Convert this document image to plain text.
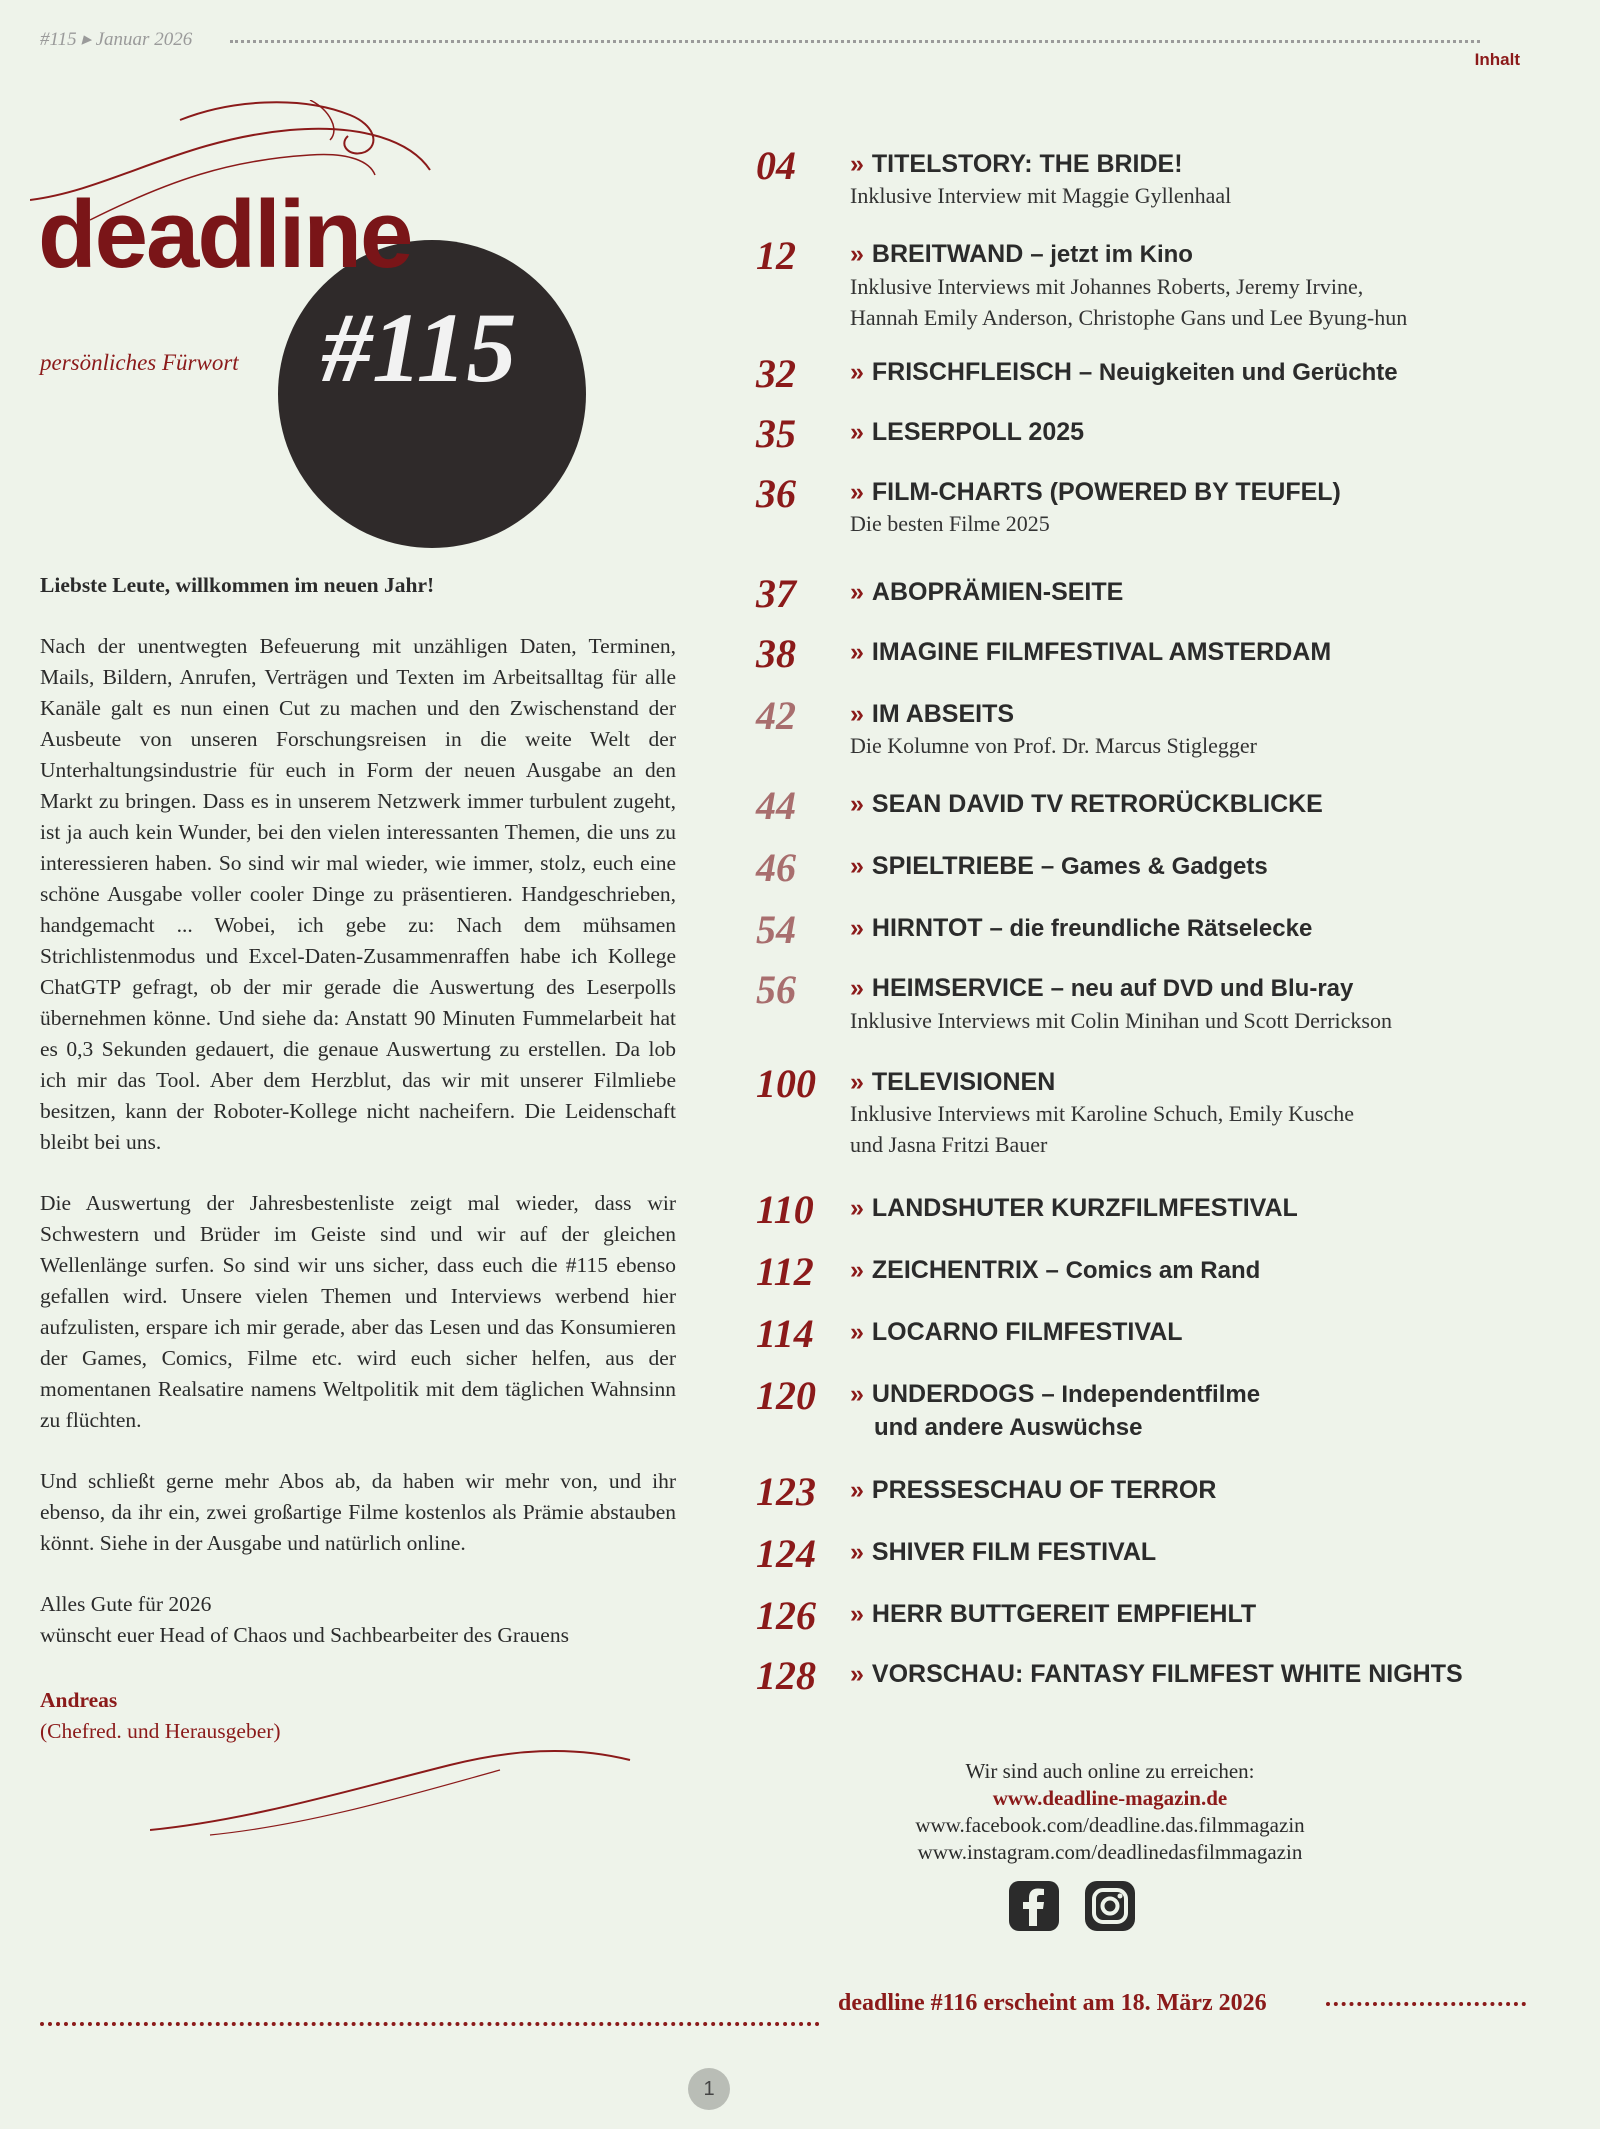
#115 ▸ Januar 2026
Inhalt
deadline
#115
persönliches Fürwort
Liebste Leute, willkommen im neuen Jahr!

Nach der unentwegten Befeuerung mit unzähligen Daten, Terminen, Mails, Bildern, Anrufen, Verträgen und Texten im Arbeitsalltag für alle Kanäle galt es nun einen Cut zu machen und den Zwischenstand der Ausbeute von unseren Forschungsreisen in die weite Welt der Unterhaltungsindustrie für euch in Form der neuen Ausgabe an den Markt zu bringen. Dass es in unserem Netzwerk immer turbulent zugeht, ist ja auch kein Wunder, bei den vielen interessanten Themen, die uns zu interessieren haben. So sind wir mal wieder, wie immer, stolz, euch eine schöne Ausgabe voller cooler Dinge zu präsentieren. Handgeschrieben, handgemacht ... Wobei, ich gebe zu: Nach dem mühsamen Strichlistenmodus und Excel-Daten-Zusammenraffen habe ich Kollege ChatGTP gefragt, ob der mir gerade die Auswertung des Leserpolls übernehmen könne. Und siehe da: Anstatt 90 Minuten Fummelarbeit hat es 0,3 Sekunden gedauert, die genaue Auswertung zu erstellen. Da lob ich mir das Tool. Aber dem Herzblut, das wir mit unserer Filmliebe besitzen, kann der Roboter-Kollege nicht nacheifern. Die Leidenschaft bleibt bei uns.

Die Auswertung der Jahresbestenliste zeigt mal wieder, dass wir Schwestern und Brüder im Geiste sind und wir auf der gleichen Wellenlänge surfen. So sind wir uns sicher, dass euch die #115 ebenso gefallen wird. Unsere vielen Themen und Interviews werbend hier aufzulisten, erspare ich mir gerade, aber das Lesen und das Konsumieren der Games, Comics, Filme etc. wird euch sicher helfen, aus der momentanen Realsatire namens Weltpolitik mit dem täglichen Wahnsinn zu flüchten.

Und schließt gerne mehr Abos ab, da haben wir mehr von, und ihr ebenso, da ihr ein, zwei großartige Filme kostenlos als Prämie abstauben könnt. Siehe in der Ausgabe und natürlich online.

Alles Gute für 2026
wünscht euer Head of Chaos und Sachbearbeiter des Grauens
Andreas
(Chefred. und Herausgeber)
04	» TITELSTORY: THE BRIDE!
Inklusive Interview mit Maggie Gyllenhaal
12	» BREITWAND – jetzt im Kino
Inklusive Interviews mit Johannes Roberts, Jeremy Irvine,
Hannah Emily Anderson, Christophe Gans und Lee Byung-hun
32	» FRISCHFLEISCH – Neuigkeiten und Gerüchte
35	» LESERPOLL 2025
36	» FILM-CHARTS (POWERED BY TEUFEL)
Die besten Filme 2025
37	» ABOPRÄMIEN-SEITE
38	» IMAGINE FILMFESTIVAL AMSTERDAM
42	» IM ABSEITS
Die Kolumne von Prof. Dr. Marcus Stiglegger
44	» SEAN DAVID TV RETRORÜCKBLICKE
46	» SPIELTRIEBE – Games & Gadgets
54	» HIRNTOT – die freundliche Rätselecke
56	» HEIMSERVICE – neu auf DVD und Blu-ray
Inklusive Interviews mit Colin Minihan und Scott Derrickson
100	» TELEVISIONEN
Inklusive Interviews mit Karoline Schuch, Emily Kusche
und Jasna Fritzi Bauer
110	» LANDSHUTER KURZFILMFESTIVAL
112	» ZEICHENTRIX – Comics am Rand
114	» LOCARNO FILMFESTIVAL
120	» UNDERDOGS – Independentfilme
und andere Auswüchse
123	» PRESSESCHAU OF TERROR
124	» SHIVER FILM FESTIVAL
126	» HERR BUTTGEREIT EMPFIEHLT
128	» VORSCHAU: FANTASY FILMFEST WHITE NIGHTS
Wir sind auch online zu erreichen:
www.deadline-magazin.de
www.facebook.com/deadline.das.filmmagazin
www.instagram.com/deadlinedasfilmmagazin
deadline #116 erscheint am 18. März 2026
1
